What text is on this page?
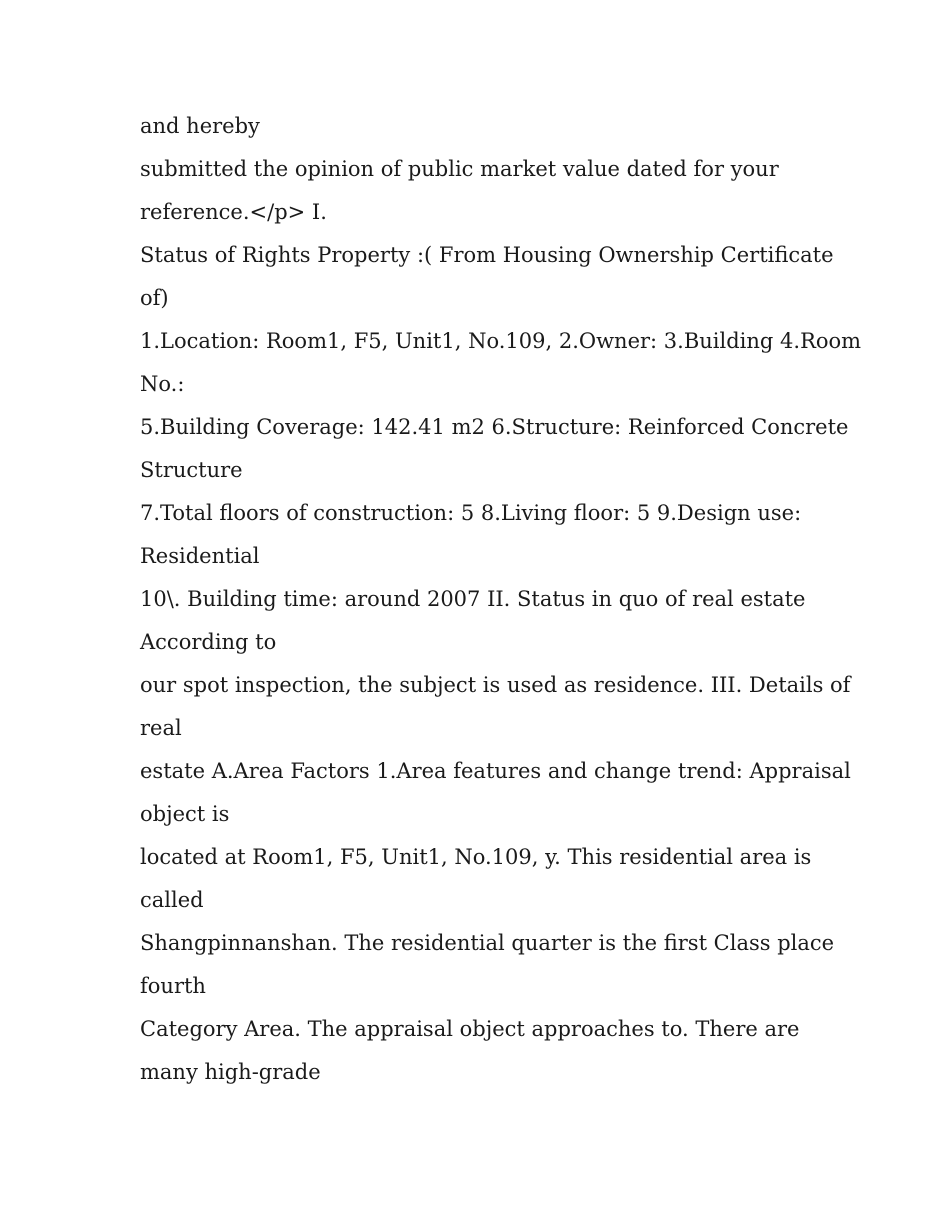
and hereby
submitted the opinion of public market value dated for your
reference.</p> I.
Status of Rights Property :( From Housing Ownership Certificate
of)
1.Location: Room1, F5, Unit1, No.109, 2.Owner: 3.Building 4.Room
No.:
5.Building Coverage: 142.41 m2 6.Structure: Reinforced Concrete
Structure
7.Total floors of construction: 5 8.Living floor: 5 9.Design use:
Residential
10\. Building time: around 2007 II. Status in quo of real estate
According to
our spot inspection, the subject is used as residence. III. Details of
real
estate A.Area Factors 1.Area features and change trend: Appraisal
object is
located at Room1, F5, Unit1, No.109, y. This residential area is
called
Shangpinnanshan. The residential quarter is the first Class place
fourth
Category Area. The appraisal object approaches to. There are
many high-grade
